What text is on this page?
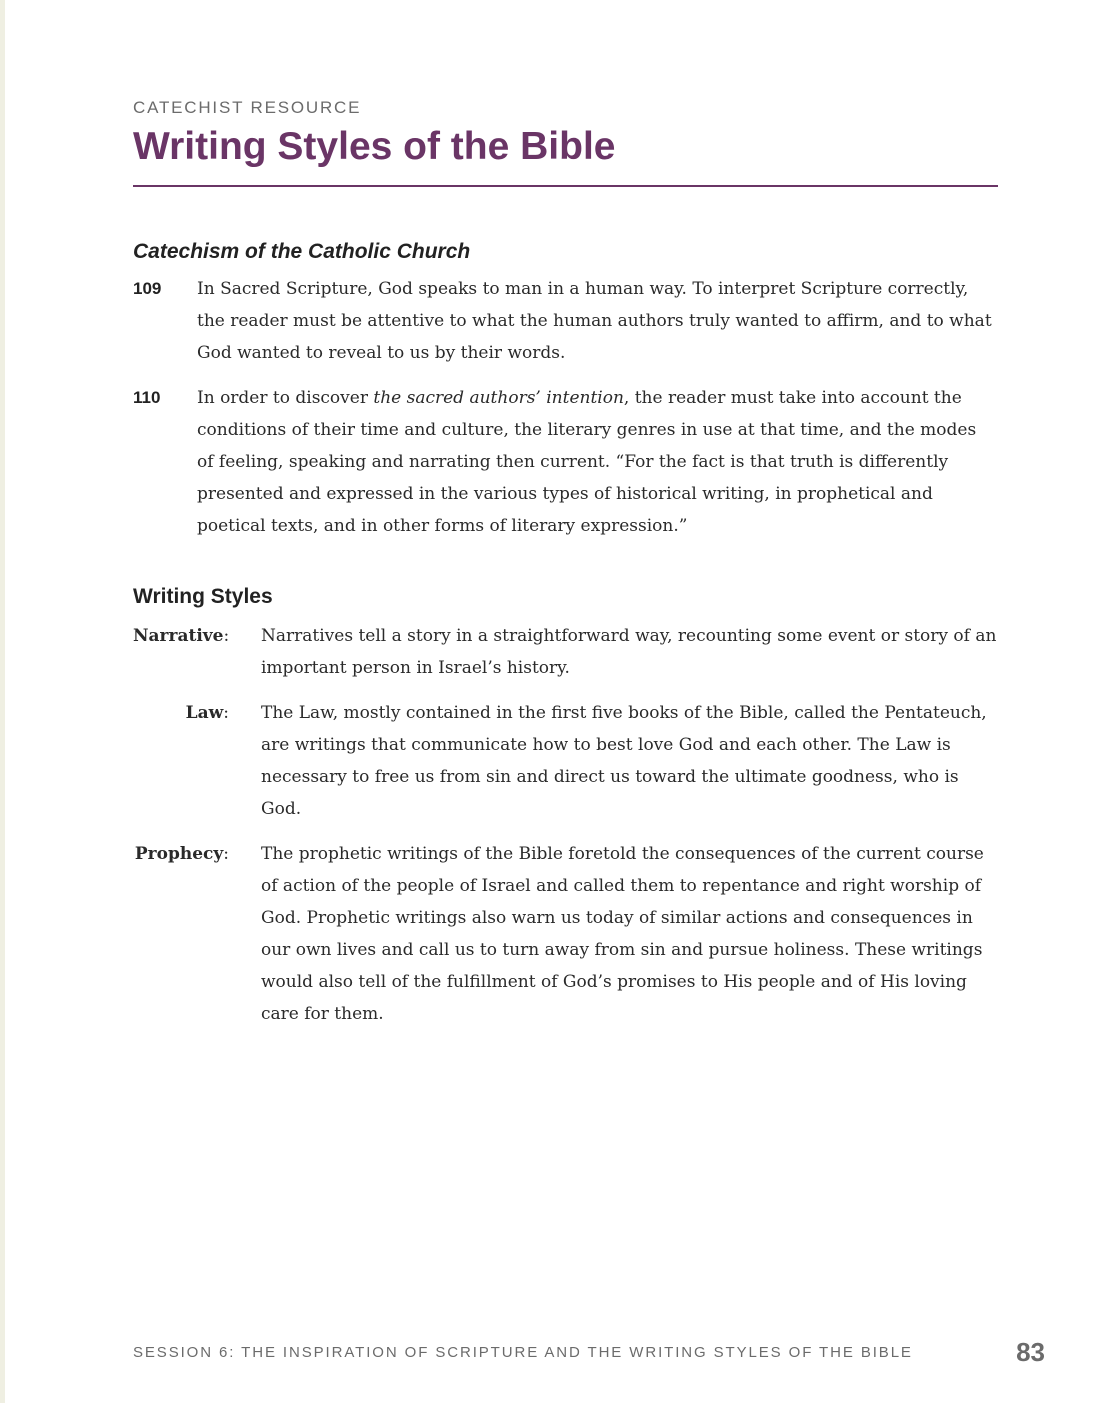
CATECHIST RESOURCE

Writing Styles of the Bible
Catechism of the Catholic Church
109	In Sacred Scripture, God speaks to man in a human way. To interpret Scripture correctly, the reader must be attentive to what the human authors truly wanted to affirm, and to what God wanted to reveal to us by their words.
110	In order to discover the sacred authors’ intention, the reader must take into account the conditions of their time and culture, the literary genres in use at that time, and the modes of feeling, speaking and narrating then current. “For the fact is that truth is differently presented and expressed in the various types of historical writing, in prophetical and poetical texts, and in other forms of literary expression.”
Writing Styles
Narrative: Narratives tell a story in a straightforward way, recounting some event or story of an important person in Israel’s history.
Law: The Law, mostly contained in the first five books of the Bible, called the Pentateuch, are writings that communicate how to best love God and each other. The Law is necessary to free us from sin and direct us toward the ultimate goodness, who is God.
Prophecy: The prophetic writings of the Bible foretold the consequences of the current course of action of the people of Israel and called them to repentance and right worship of God. Prophetic writings also warn us today of similar actions and consequences in our own lives and call us to turn away from sin and pursue holiness. These writings would also tell of the fulfillment of God’s promises to His people and of His loving care for them.
SESSION 6: THE INSPIRATION OF SCRIPTURE AND THE WRITING STYLES OF THE BIBLE	83
